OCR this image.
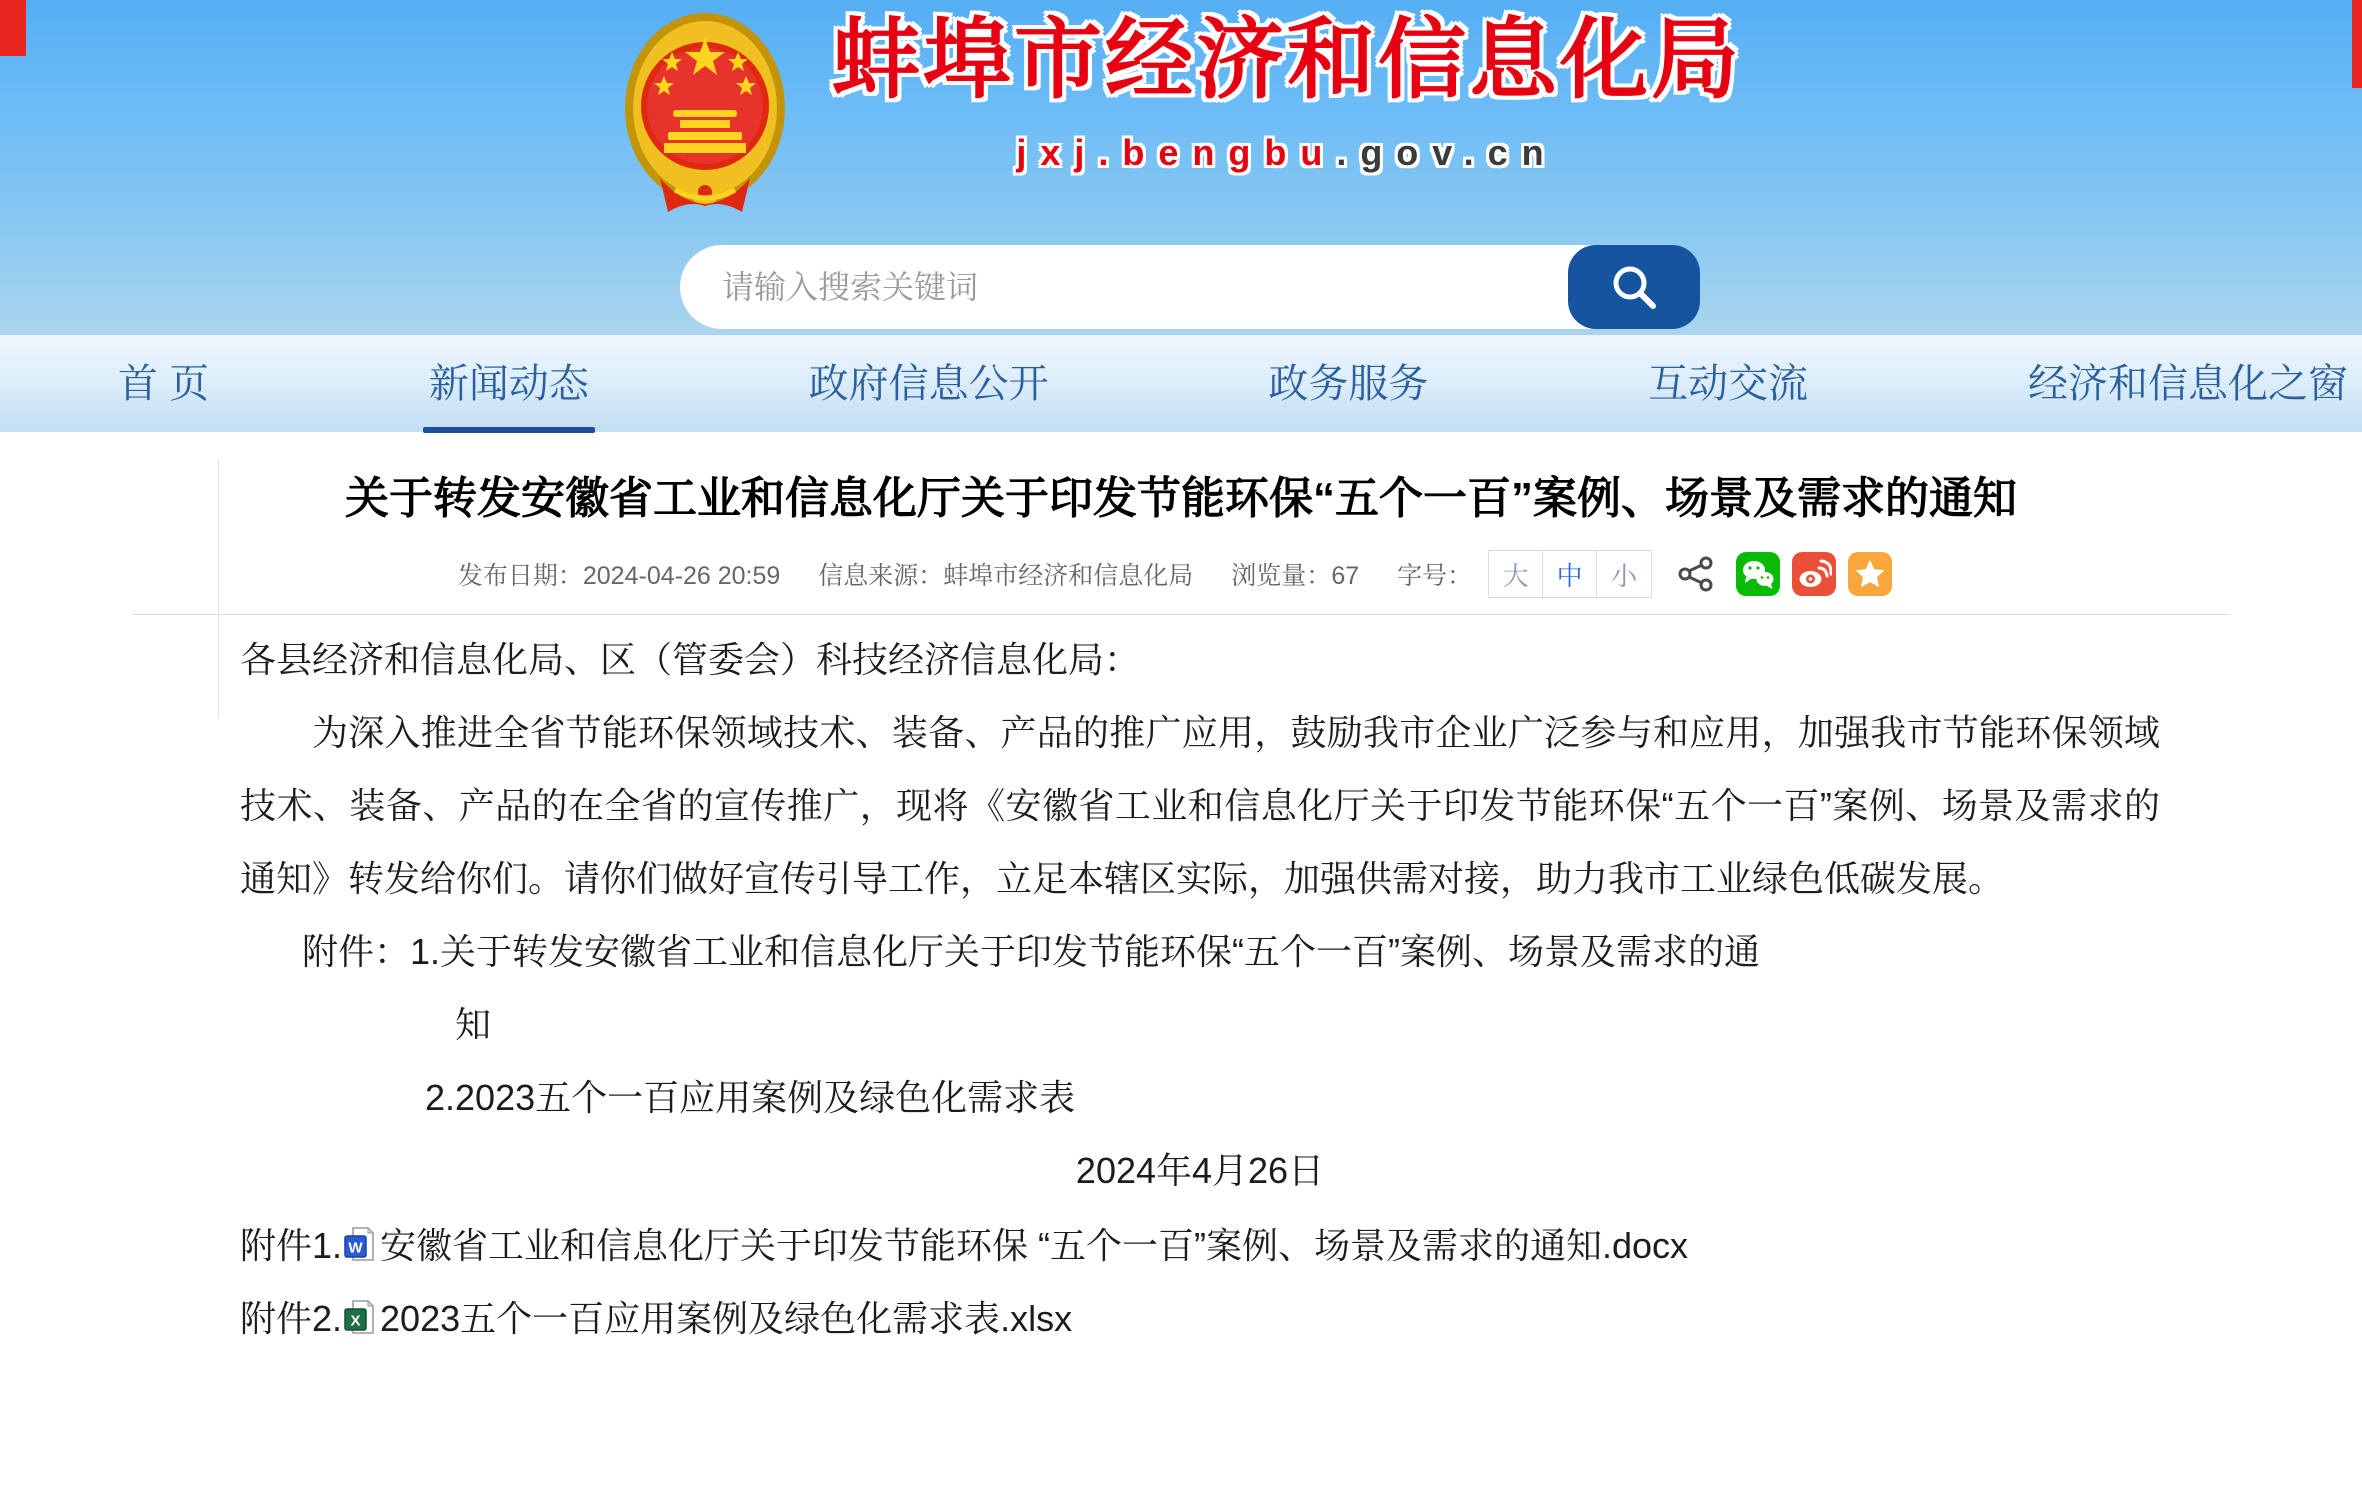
蚌埠市经济和信息化局
jxj.bengbu.gov.cn
请输入搜索关键词
首 页	新闻动态	政府信息公开	政务服务	互动交流	经济和信息化之窗
关于转发安徽省工业和信息化厅关于印发节能环保“五个一百”案例、场景及需求的通知
发布日期：2024-04-26 20:59 信息来源：蚌埠市经济和信息化局 浏览量：67 字号：	大	中	小

各县经济和信息化局、区（管委会）科技经济信息化局：

为深入推进全省节能环保领域技术、装备、产品的推广应用，鼓励我市企业广泛参与和应用，加强我市节能环保领域技术、装备、产品的在全省的宣传推广，现将《安徽省工业和信息化厅关于印发节能环保“五个一百”案例、场景及需求的通知》转发给你们。请你们做好宣传引导工作，立足本辖区实际，加强供需对接，助力我市工业绿色低碳发展。

附件：1.关于转发安徽省工业和信息化厅关于印发节能环保“五个一百”案例、场景及需求的通

知

2.2023五个一百应用案例及绿色化需求表

2024年4月26日

附件1. W 安徽省工业和信息化厅关于印发节能环保 “五个一百”案例、场景及需求的通知.docx
附件2. X 2023五个一百应用案例及绿色化需求表.xlsx
